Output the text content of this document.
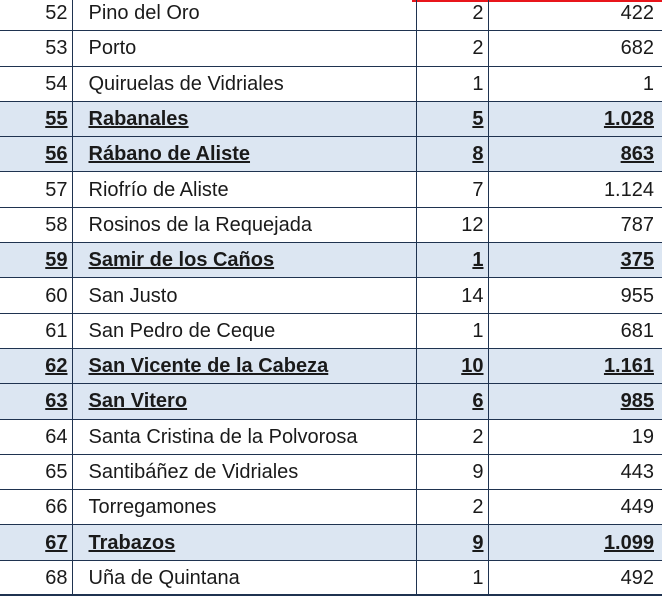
52	Pino del Oro	2	422
53	Porto	2	682
54	Quiruelas de Vidriales	1	1
55	Rabanales	5	1.028
56	Rábano de Aliste	8	863
57	Riofrío de Aliste	7	1.124
58	Rosinos de la Requejada	12	787
59	Samir de los Caños	1	375
60	San Justo	14	955
61	San Pedro de Ceque	1	681
62	San Vicente de la Cabeza	10	1.161
63	San Vitero	6	985
64	Santa Cristina de la Polvorosa	2	19
65	Santibáñez de Vidriales	9	443
66	Torregamones	2	449
67	Trabazos	9	1.099
68	Uña de Quintana	1	492
